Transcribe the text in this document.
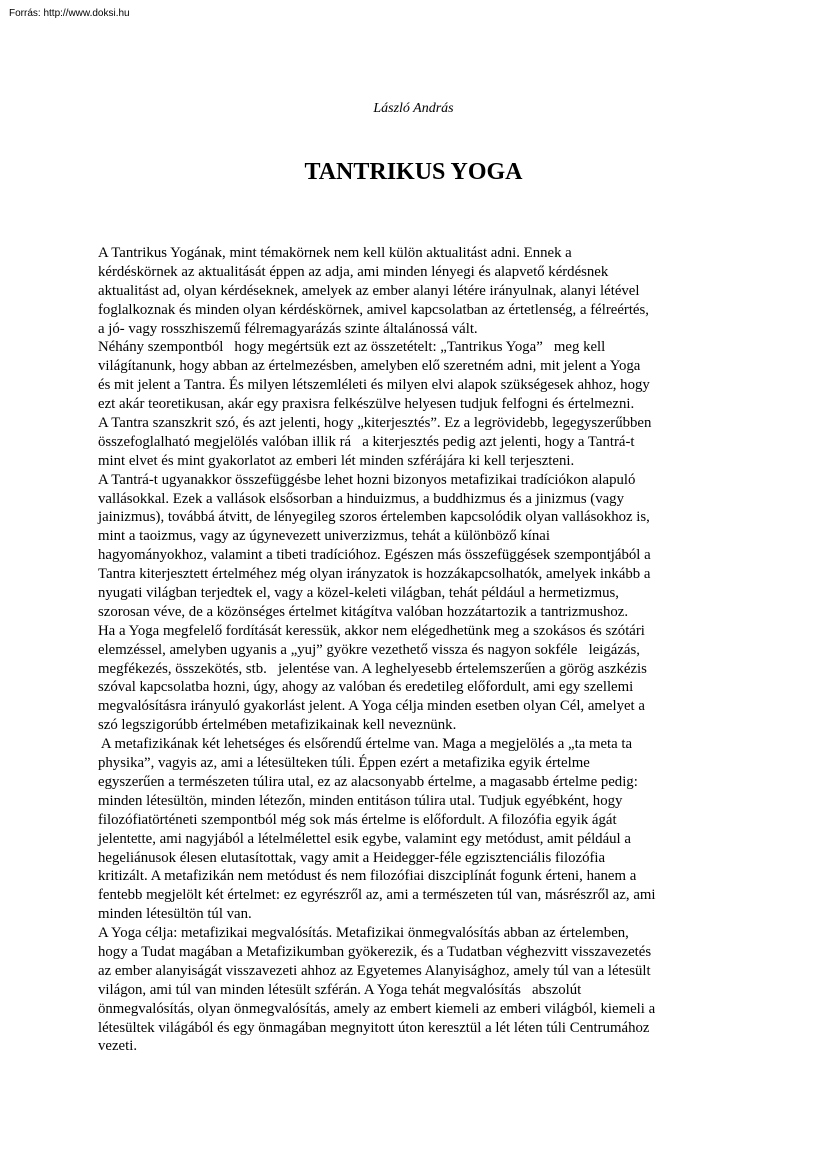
Forrás: http://www.doksi.hu
László András
TANTRIKUS YOGA
A Tantrikus Yogának, mint témakörnek nem kell külön aktualitást adni. Ennek a
kérdéskörnek az aktualitását éppen az adja, ami minden lényegi és alapvető kérdésnek
aktualitást ad, olyan kérdéseknek, amelyek az ember alanyi létére irányulnak, alanyi létével
foglalkoznak és minden olyan kérdéskörnek, amivel kapcsolatban az értetlenség, a félreértés,
a jó- vagy rosszhiszemű félremagyarázás szinte általánossá vált.
Néhány szempontból   hogy megértsük ezt az összetételt: „Tantrikus Yoga”   meg kell
világítanunk, hogy abban az értelmezésben, amelyben elő szeretném adni, mit jelent a Yoga
és mit jelent a Tantra. És milyen létszemléleti és milyen elvi alapok szükségesek ahhoz, hogy
ezt akár teoretikusan, akár egy praxisra felkészülve helyesen tudjuk felfogni és értelmezni.
A Tantra szanszkrit szó, és azt jelenti, hogy „kiterjesztés”. Ez a legrövidebb, legegyszerűbben
összefoglalható megjelölés valóban illik rá   a kiterjesztés pedig azt jelenti, hogy a Tantrá-t
mint elvet és mint gyakorlatot az emberi lét minden szférájára ki kell terjeszteni.
A Tantrá-t ugyanakkor összefüggésbe lehet hozni bizonyos metafizikai tradíciókon alapuló
vallásokkal. Ezek a vallások elsősorban a hinduizmus, a buddhizmus és a jinizmus (vagy
jainizmus), továbbá átvitt, de lényegileg szoros értelemben kapcsolódik olyan vallásokhoz is,
mint a taoizmus, vagy az úgynevezett univerzizmus, tehát a különböző kínai
hagyományokhoz, valamint a tibeti tradícióhoz. Egészen más összefüggések szempontjából a
Tantra kiterjesztett értelméhez még olyan irányzatok is hozzákapcsolhatók, amelyek inkább a
nyugati világban terjedtek el, vagy a közel-keleti világban, tehát például a hermetizmus,
szorosan véve, de a közönséges értelmet kitágítva valóban hozzátartozik a tantrizmushoz.
Ha a Yoga megfelelő fordítását keressük, akkor nem elégedhetünk meg a szokásos és szótári
elemzéssel, amelyben ugyanis a „yuj” gyökre vezethető vissza és nagyon sokféle   leigázás,
megfékezés, összekötés, stb.   jelentése van. A leghelyesebb értelemszerűen a görög aszkézis
szóval kapcsolatba hozni, úgy, ahogy az valóban és eredetileg előfordult, ami egy szellemi
megvalósításra irányuló gyakorlást jelent. A Yoga célja minden esetben olyan Cél, amelyet a
szó legszigorúbb értelmében metafizikainak kell neveznünk.
A metafizikának két lehetséges és elsőrendű értelme van. Maga a megjelölés a „ta meta ta
physika”, vagyis az, ami a létesülteken túli. Éppen ezért a metafizika egyik értelme
egyszerűen a természeten túlira utal, ez az alacsonyabb értelme, a magasabb értelme pedig:
minden létesültön, minden létezőn, minden entitáson túlira utal. Tudjuk egyébként, hogy
filozófiatörténeti szempontból még sok más értelme is előfordult. A filozófia egyik ágát
jelentette, ami nagyjából a lételmélettel esik egybe, valamint egy metódust, amit például a
hegeliánusok élesen elutasítottak, vagy amit a Heidegger-féle egzisztenciális filozófia
kritizált. A metafizikán nem metódust és nem filozófiai diszciplínát fogunk érteni, hanem a
fentebb megjelölt két értelmet: ez egyrészről az, ami a természeten túl van, másrészről az, ami
minden létesültön túl van.
A Yoga célja: metafizikai megvalósítás. Metafizikai önmegvalósítás abban az értelemben,
hogy a Tudat magában a Metafizikumban gyökerezik, és a Tudatban véghezvitt visszavezetés
az ember alanyiságát visszavezeti ahhoz az Egyetemes Alanyisághoz, amely túl van a létesült
világon, ami túl van minden létesült szférán. A Yoga tehát megvalósítás   abszolút
önmegvalósítás, olyan önmegvalósítás, amely az embert kiemeli az emberi világból, kiemeli a
létesültek világából és egy önmagában megnyitott úton keresztül a lét léten túli Centrumához
vezeti.
